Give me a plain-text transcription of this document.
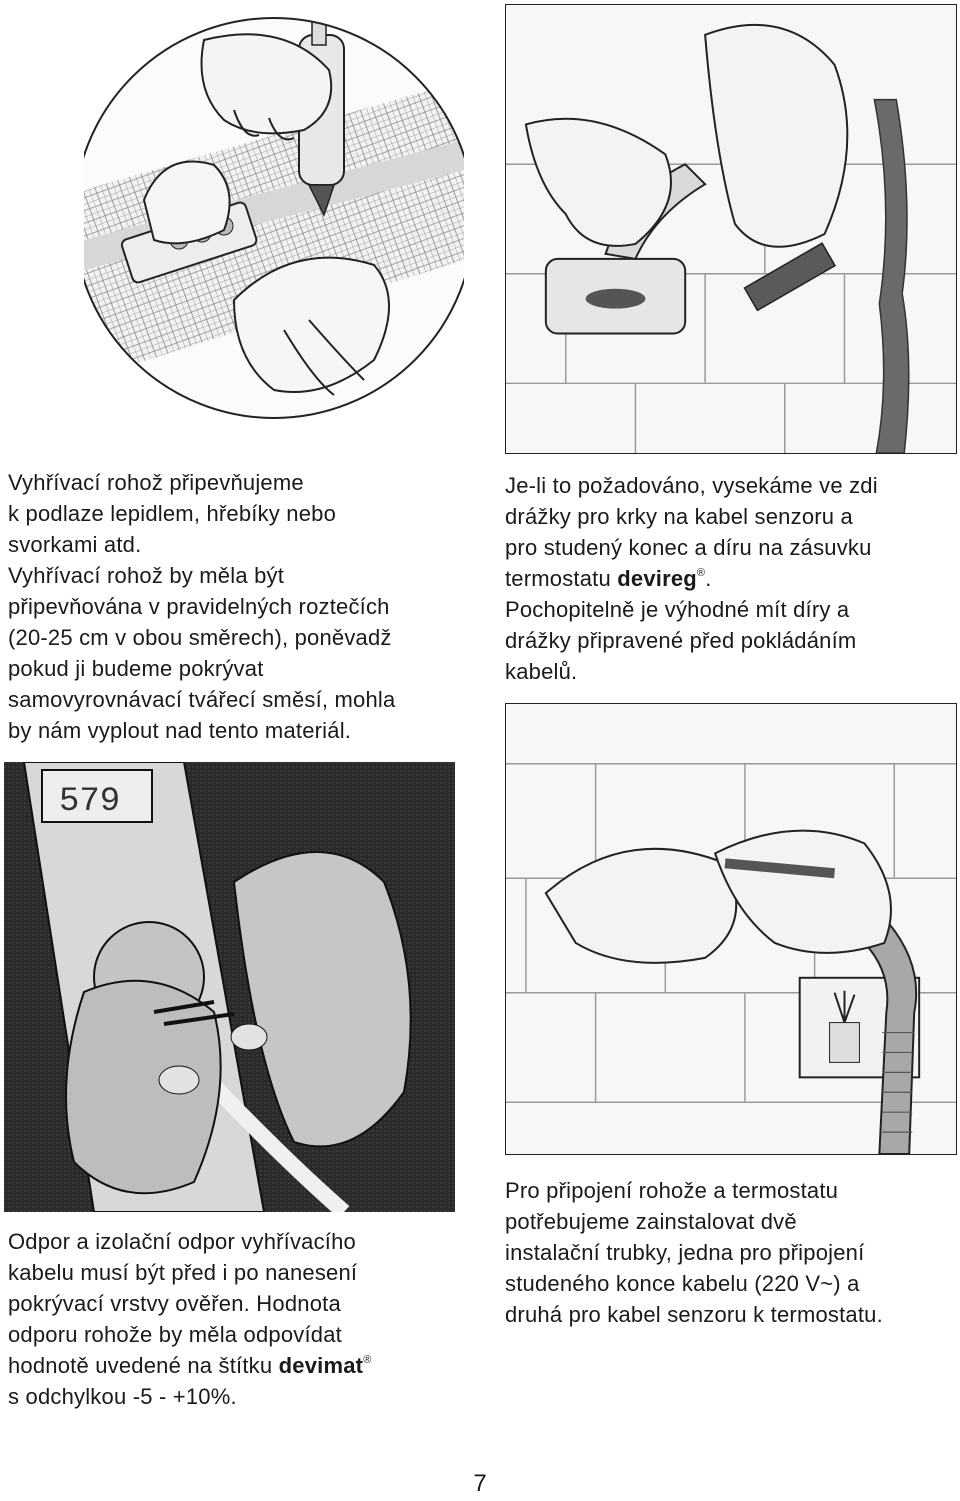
Vyhřívací rohož připevňujeme

k podlaze lepidlem, hřebíky nebo

svorkami atd.

Vyhřívací rohož by měla být

připevňována v pravidelných roztečích

(20-25 cm v obou směrech), poněvadž

pokud ji budeme pokrývat

samovyrovnávací tvářecí směsí, mohla

by nám vyplout nad tento materiál.

Je-li to požadováno, vysekáme ve zdi

drážky pro krky na kabel senzoru a

pro studený konec a díru na zásuvku

termostatu devireg®.

Pochopitelně je výhodné mít díry a

drážky připravené před pokládáním

kabelů.

579

Odpor a izolační odpor vyhřívacího

kabelu musí být před i po nanesení

pokrývací vrstvy ověřen. Hodnota

odporu rohože by měla odpovídat

hodnotě uvedené na štítku devimat®

s odchylkou -5 - +10%.

Pro připojení rohože a termostatu

potřebujeme zainstalovat dvě

instalační trubky, jedna pro připojení

studeného konce kabelu (220 V~) a

druhá pro kabel senzoru k termostatu.

7
